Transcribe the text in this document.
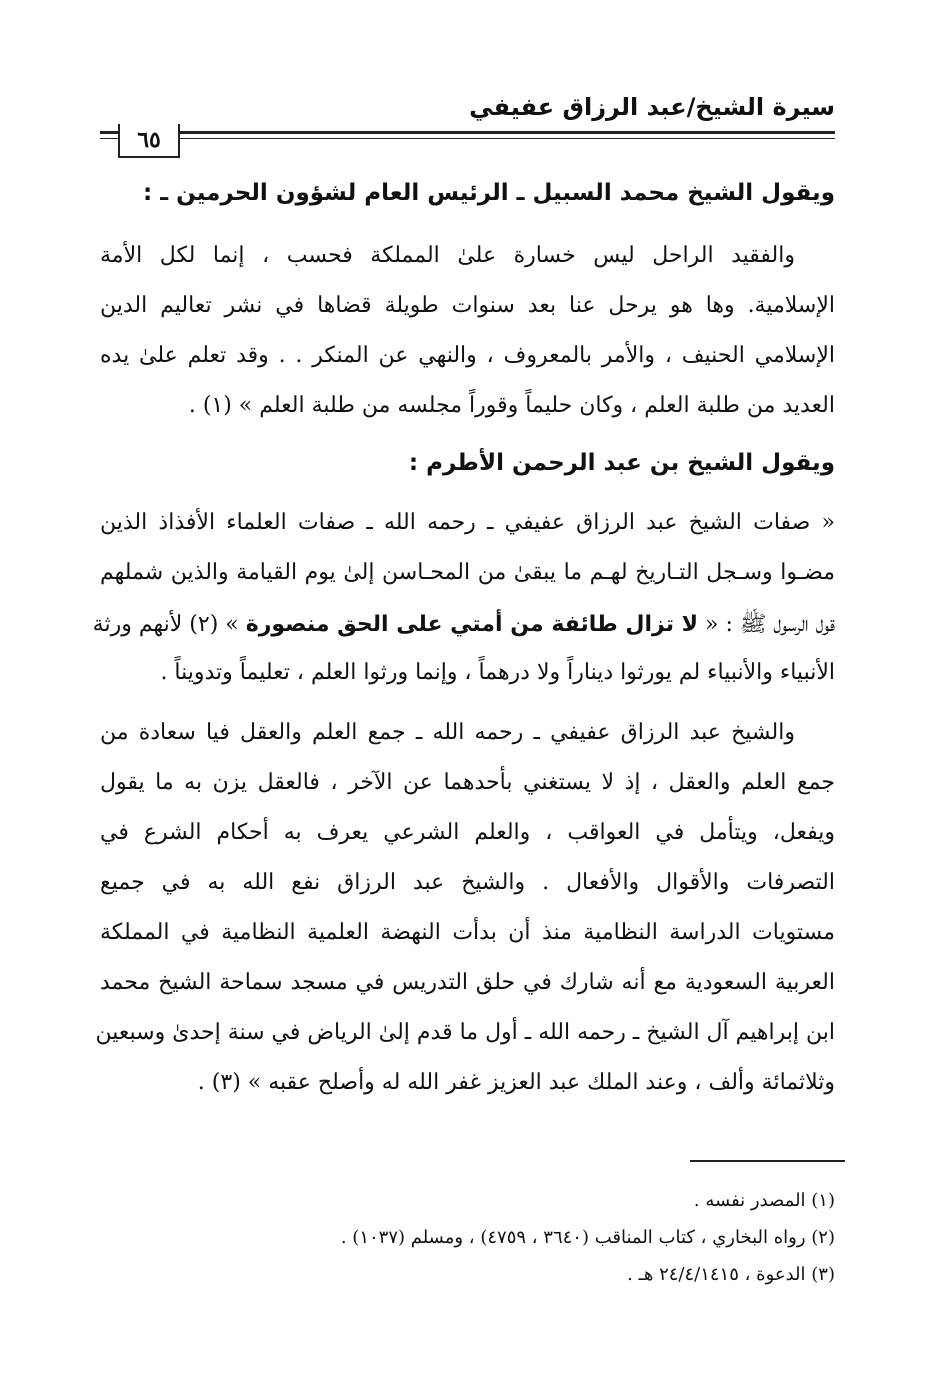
سيرة الشيخ/عبد الرزاق عفيفي
٦٥
ويقول الشيخ محمد السبيل ـ الرئيس العام لشؤون الحرمين ـ :
والفقيد الراحل ليس خسارة علىٰ المملكة فحسب ، إنما لكل الأمة
الإسلامية. وها هو يرحل عنا بعد سنوات طويلة قضاها في نشر تعاليم الدين
الإسلامي الحنيف ، والأمر بالمعروف ، والنهي عن المنكر . . وقد تعلم علىٰ يده
العديد من طلبة العلم ، وكان حليماً وقوراً مجلسه من طلبة العلم » (١) .
ويقول الشيخ بن عبد الرحمن الأطرم :
« صفات الشيخ عبد الرزاق عفيفي ـ رحمه الله ـ صفات العلماء الأفذاذ الذين
مضـوا وسـجل التـاريخ لهـم ما يبقىٰ من المحـاسن إلىٰ يوم القيامة والذين شملهم
قول الرسول ﷺ : « لا تزال طائفة من أمتي على الحق منصورة » (٢) لأنهم ورثة
الأنبياء والأنبياء لم يورثوا ديناراً ولا درهماً ، وإنما ورثوا العلم ، تعليماً وتدويناً .
والشيخ عبد الرزاق عفيفي ـ رحمه الله ـ جمع العلم والعقل فيا سعادة من
جمع العلم والعقل ، إذ لا يستغني بأحدهما عن الآخر ، فالعقل يزن به ما يقول
ويفعل، ويتأمل في العواقب ، والعلم الشرعي يعرف به أحكام الشرع في
التصرفات والأقوال والأفعال . والشيخ عبد الرزاق نفع الله به في جميع
مستويات الدراسة النظامية منذ أن بدأت النهضة العلمية النظامية في المملكة
العربية السعودية مع أنه شارك في حلق التدريس في مسجد سماحة الشيخ محمد
ابن إبراهيم آل الشيخ ـ رحمه الله ـ أول ما قدم إلىٰ الرياض في سنة إحدىٰ وسبعين
وثلاثمائة وألف ، وعند الملك عبد العزيز غفر الله له وأصلح عقبه » (٣) .
(١) المصدر نفسه .
(٢) رواه البخاري ، كتاب المناقب (٣٦٤٠ ، ٤٧٥٩) ، ومسلم (١٠٣٧) .
(٣) الدعوة ، ٢٤/٤/١٤١٥ هـ .
